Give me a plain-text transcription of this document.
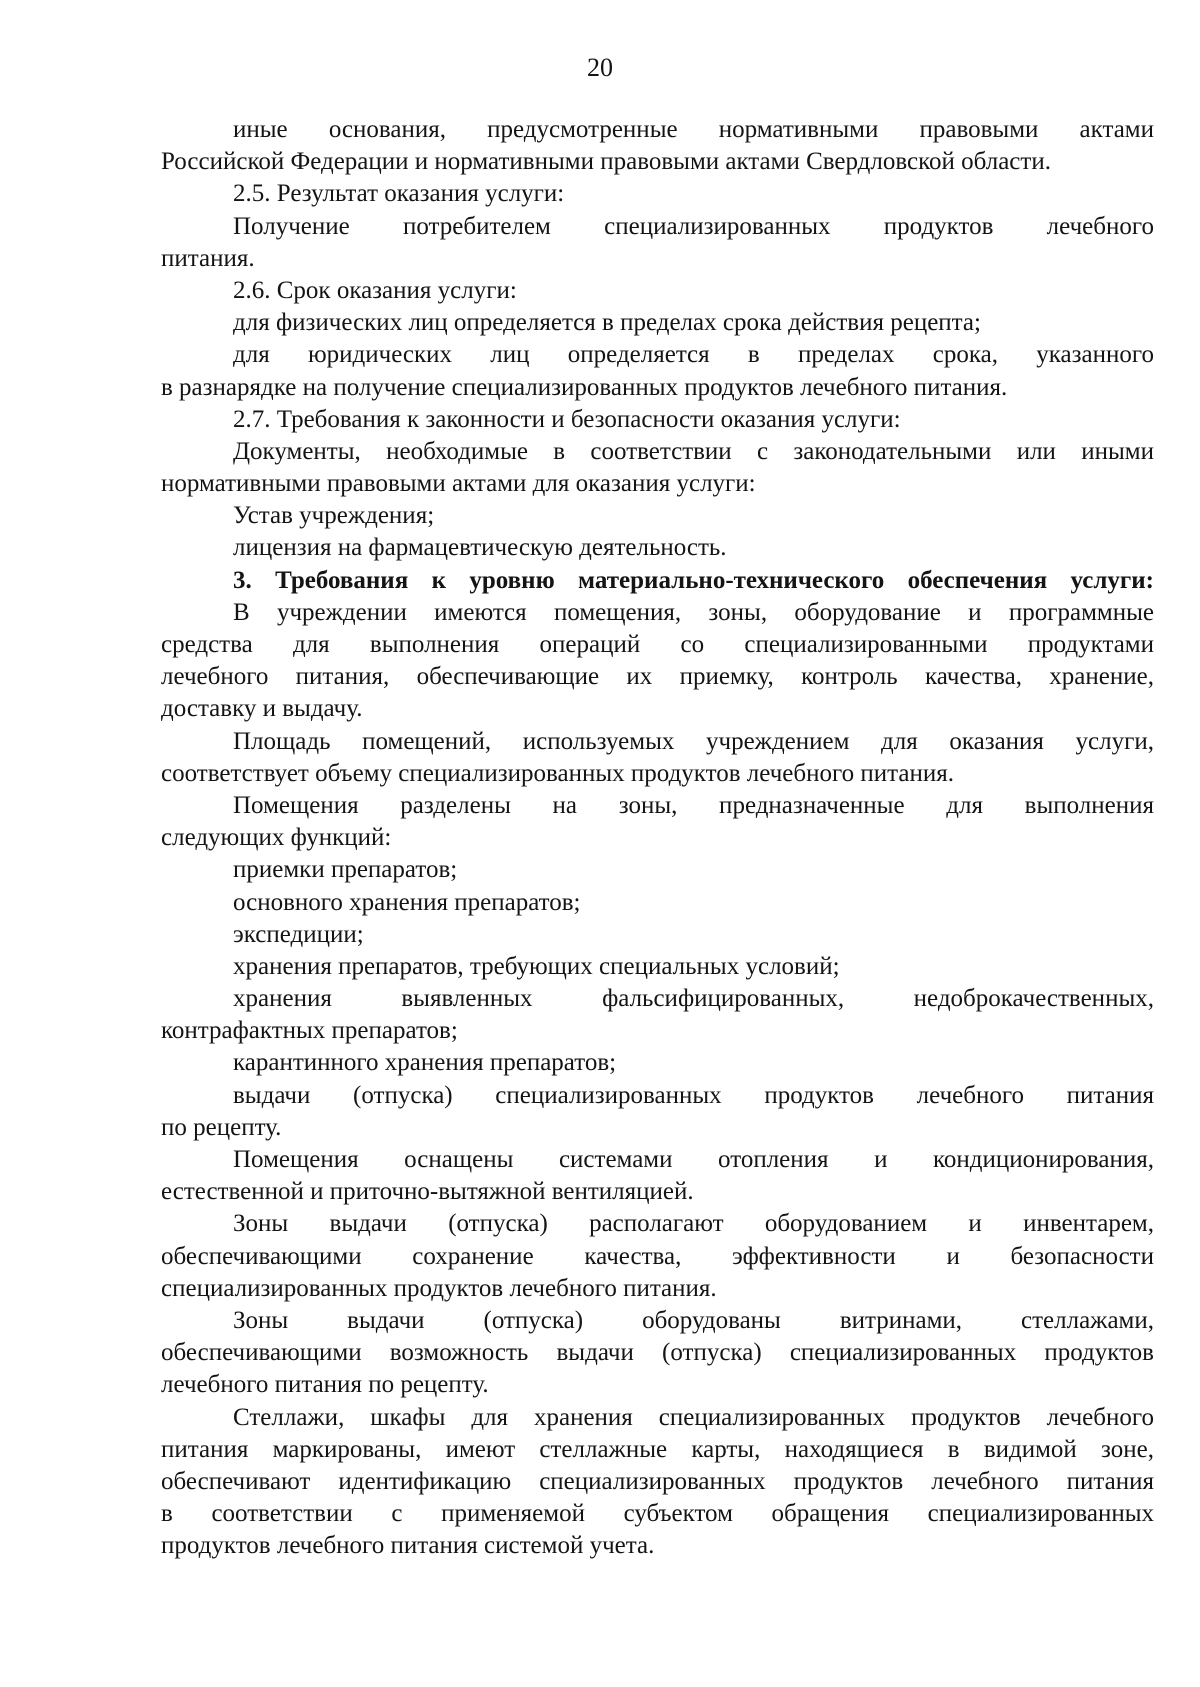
20
иные основания, предусмотренные нормативными правовыми актами
Российской Федерации и нормативными правовыми актами Свердловской области.
2.5. Результат оказания услуги:
Получение потребителем специализированных продуктов лечебного
питания.
2.6. Срок оказания услуги:
для физических лиц определяется в пределах срока действия рецепта;
для юридических лиц определяется в пределах срока, указанного
в разнарядке на получение специализированных продуктов лечебного питания.
2.7. Требования к законности и безопасности оказания услуги:
Документы, необходимые в соответствии с законодательными или иными
нормативными правовыми актами для оказания услуги:
Устав учреждения;
лицензия на фармацевтическую деятельность.
3. Требования к уровню материально-технического обеспечения услуги:
В учреждении имеются помещения, зоны, оборудование и программные
средства для выполнения операций со специализированными продуктами
лечебного питания, обеспечивающие их приемку, контроль качества, хранение,
доставку и выдачу.
Площадь помещений, используемых учреждением для оказания услуги,
соответствует объему специализированных продуктов лечебного питания.
Помещения разделены на зоны, предназначенные для выполнения
следующих функций:
приемки препаратов;
основного хранения препаратов;
экспедиции;
хранения препаратов, требующих специальных условий;
хранения выявленных фальсифицированных, недоброкачественных,
контрафактных препаратов;
карантинного хранения препаратов;
выдачи (отпуска) специализированных продуктов лечебного питания
по рецепту.
Помещения оснащены системами отопления и кондиционирования,
естественной и приточно-вытяжной вентиляцией.
Зоны выдачи (отпуска) располагают оборудованием и инвентарем,
обеспечивающими сохранение качества, эффективности и безопасности
специализированных продуктов лечебного питания.
Зоны выдачи (отпуска) оборудованы витринами, стеллажами,
обеспечивающими возможность выдачи (отпуска) специализированных продуктов
лечебного питания по рецепту.
Стеллажи, шкафы для хранения специализированных продуктов лечебного
питания маркированы, имеют стеллажные карты, находящиеся в видимой зоне,
обеспечивают идентификацию специализированных продуктов лечебного питания
в соответствии с применяемой субъектом обращения специализированных
продуктов лечебного питания системой учета.
